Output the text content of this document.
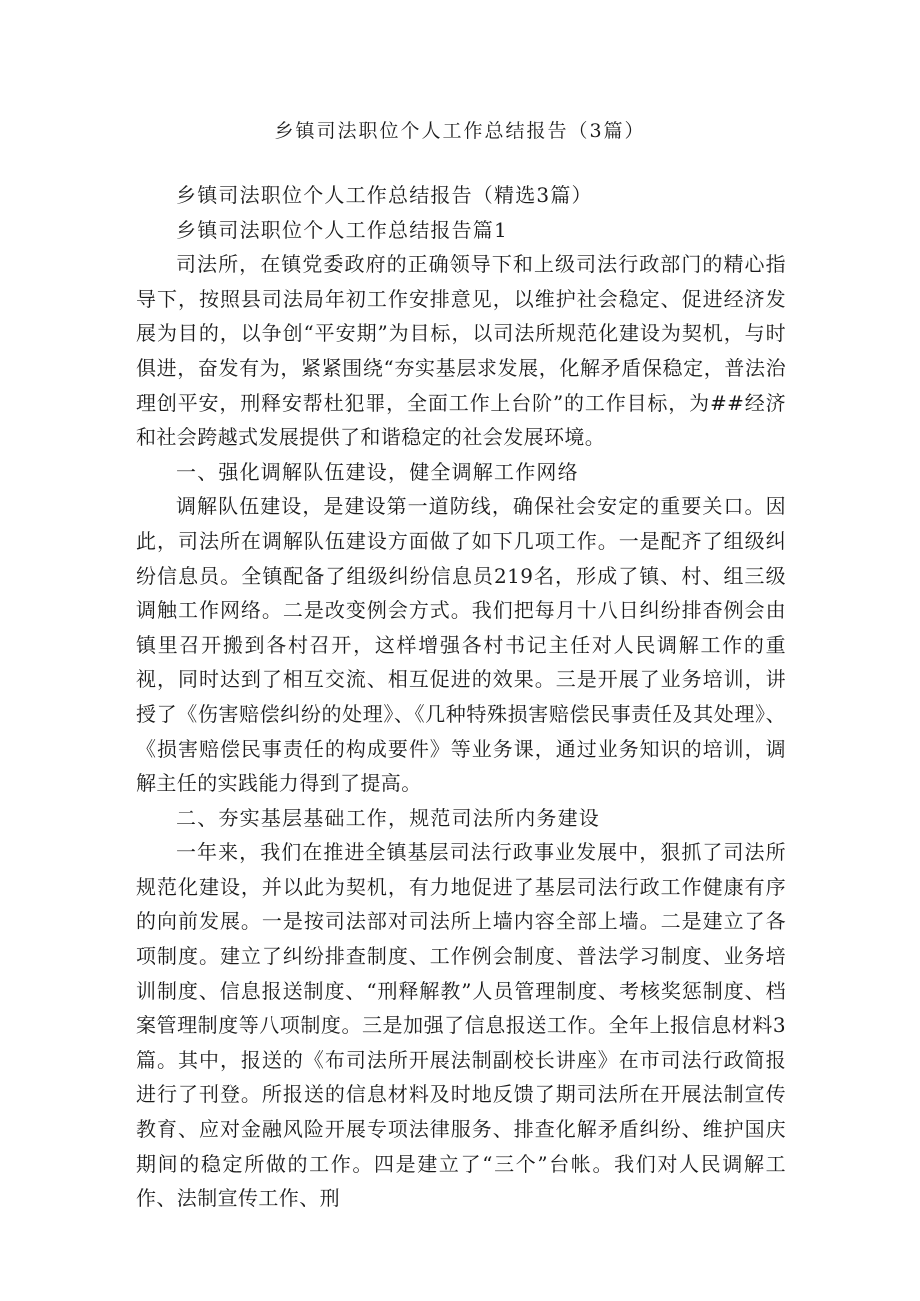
乡镇司法职位个人工作总结报告（3篇）

乡镇司法职位个人工作总结报告（精选3篇）

乡镇司法职位个人工作总结报告篇1

司法所，在镇党委政府的正确领导下和上级司法行政部门的精心指导下，按照县司法局年初工作安排意见，以维护社会稳定、促进经济发展为目的，以争创“平安期”为目标，以司法所规范化建设为契机，与时俱进，奋发有为，紧紧围绕“夯实基层求发展，化解矛盾保稳定，普法治理创平安，刑释安帮杜犯罪，全面工作上台阶”的工作目标，为##经济和社会跨越式发展提供了和谐稳定的社会发展环境。

一、强化调解队伍建设，健全调解工作网络

调解队伍建设，是建设第一道防线，确保社会安定的重要关口。因此，司法所在调解队伍建设方面做了如下几项工作。一是配齐了组级纠纷信息员。全镇配备了组级纠纷信息员219名，形成了镇、村、组三级调触工作网络。二是改变例会方式。我们把每月十八日纠纷排杳例会由镇里召开搬到各村召开，这样增强各村书记主任对人民调解工作的重视，同时达到了相互交流、相互促进的效果。三是开展了业务培训，讲授了《伤害赔偿纠纷的处理》、《几种特殊损害赔偿民事责任及其处理》、《损害赔偿民事责任的构成要件》等业务课，通过业务知识的培训，调解主任的实践能力得到了提高。

二、夯实基层基础工作，规范司法所内务建设

一年来，我们在推进全镇基层司法行政事业发展中，狠抓了司法所规范化建设，并以此为契机，有力地促进了基层司法行政工作健康有序的向前发展。一是按司法部对司法所上墙内容全部上墙。二是建立了各项制度。建立了纠纷排查制度、工作例会制度、普法学习制度、业务培训制度、信息报送制度、“刑释解教”人员管理制度、考核奖惩制度、档案管理制度等八项制度。三是加强了信息报送工作。全年上报信息材料3篇。其中，报送的《布司法所开展法制副校长讲座》在市司法行政简报进行了刊登。所报送的信息材料及时地反馈了期司法所在开展法制宣传教育、应对金融风险开展专项法律服务、排查化解矛盾纠纷、维护国庆期间的稳定所做的工作。四是建立了“三个”台帐。我们对人民调解工作、法制宣传工作、刑
